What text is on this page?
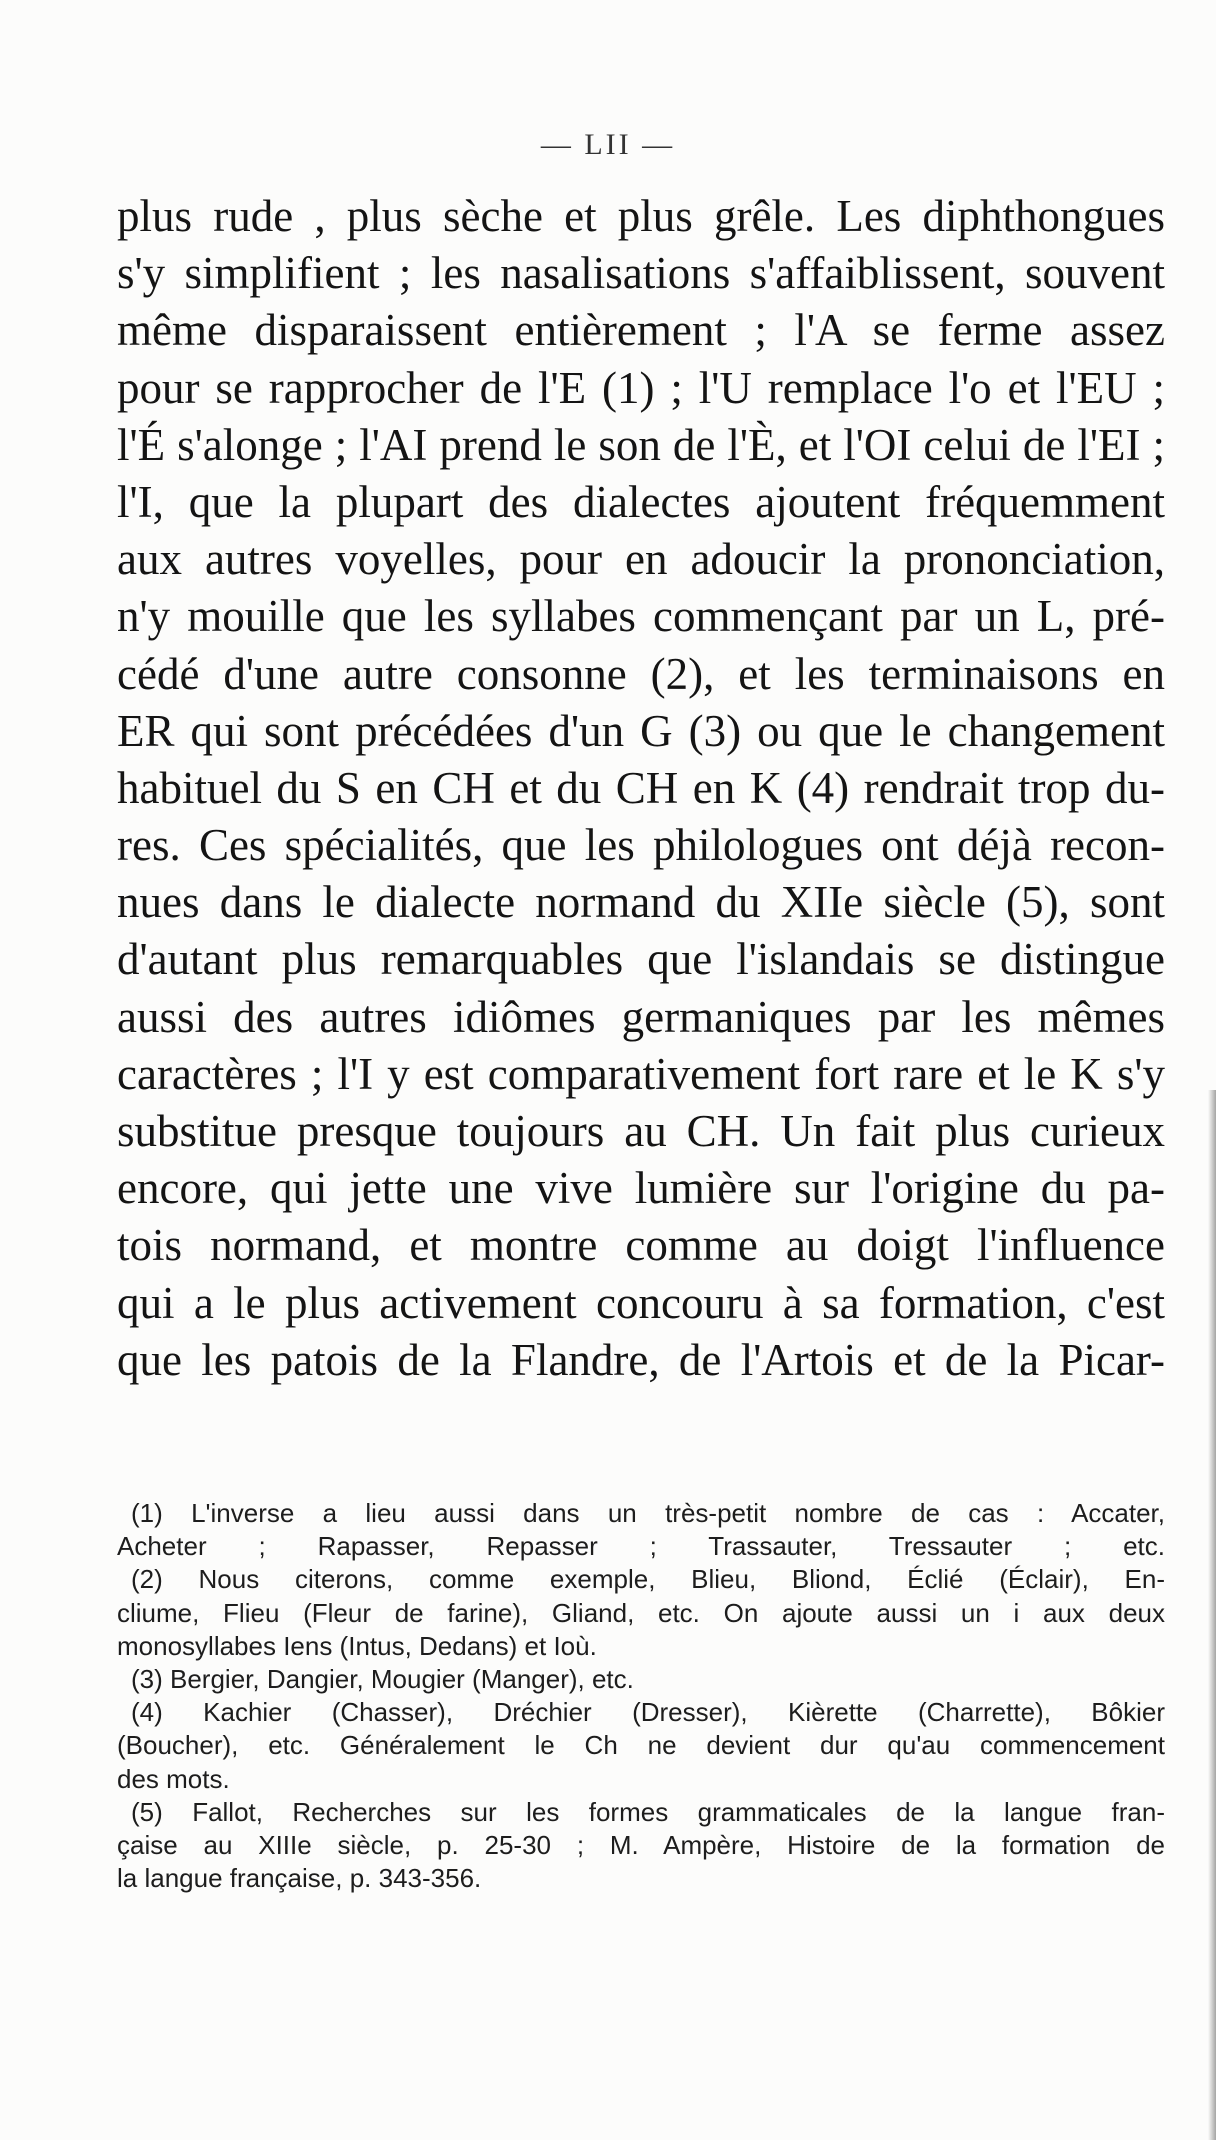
— LII —
plus rude , plus sèche et plus grêle. Les diphthongues
s'y simplifient ; les nasalisations s'affaiblissent, souvent
même disparaissent entièrement ; l'A se ferme assez
pour se rapprocher de l'E (1) ; l'U remplace l'o et l'EU ;
l'É s'alonge ; l'AI prend le son de l'È, et l'OI celui de l'EI ;
l'I, que la plupart des dialectes ajoutent fréquemment
aux autres voyelles, pour en adoucir la prononciation,
n'y mouille que les syllabes commençant par un L, pré-
cédé d'une autre consonne (2), et les terminaisons en
ER qui sont précédées d'un G (3) ou que le changement
habituel du S en CH et du CH en K (4) rendrait trop du-
res. Ces spécialités, que les philologues ont déjà recon-
nues dans le dialecte normand du XIIe siècle (5), sont
d'autant plus remarquables que l'islandais se distingue
aussi des autres idiômes germaniques par les mêmes
caractères ; l'I y est comparativement fort rare et le K s'y
substitue presque toujours au CH. Un fait plus curieux
encore, qui jette une vive lumière sur l'origine du pa-
tois normand, et montre comme au doigt l'influence
qui a le plus activement concouru à sa formation, c'est
que les patois de la Flandre, de l'Artois et de la Picar-
(1) L'inverse a lieu aussi dans un très-petit nombre de cas : Accater,
Acheter ; Rapasser, Repasser ; Trassauter, Tressauter ; etc.
(2) Nous citerons, comme exemple, Blieu, Bliond, Éclié (Éclair), En-
cliume, Flieu (Fleur de farine), Gliand, etc. On ajoute aussi un i aux deux
monosyllabes Iens (Intus, Dedans) et Ioù.
(3) Bergier, Dangier, Mougier (Manger), etc.
(4) Kachier (Chasser), Dréchier (Dresser), Kièrette (Charrette), Bôkier
(Boucher), etc. Généralement le Ch ne devient dur qu'au commencement
des mots.
(5) Fallot, Recherches sur les formes grammaticales de la langue fran-
çaise au XIIIe siècle, p. 25-30 ; M. Ampère, Histoire de la formation de
la langue française, p. 343-356.
